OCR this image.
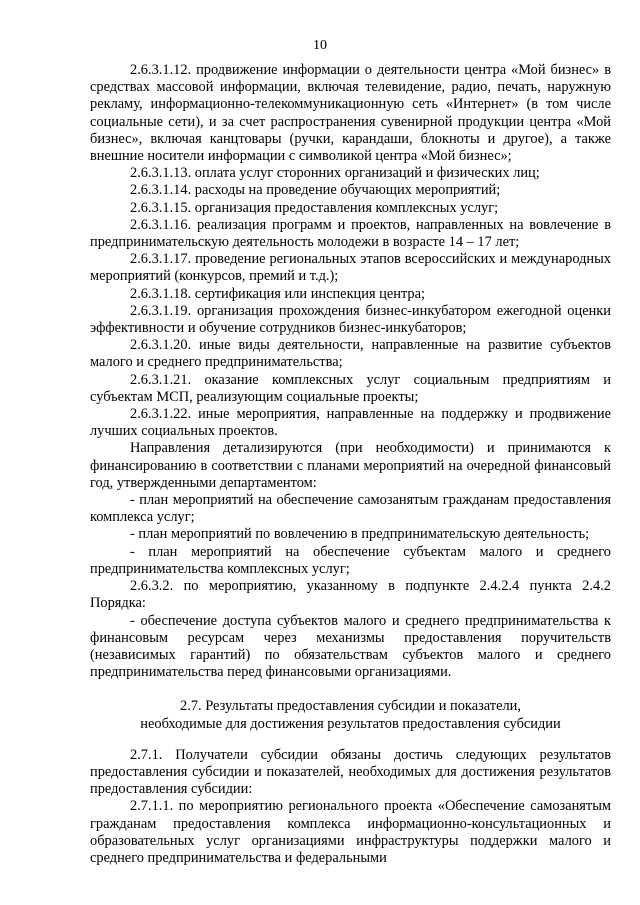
10

2.6.3.1.12. продвижение информации о деятельности центра «Мой бизнес» в средствах массовой информации, включая телевидение, радио, печать, наружную рекламу, информационно-телекоммуникационную сеть «Интернет» (в том числе социальные сети), и за счет распространения сувенирной продукции центра «Мой бизнес», включая канцтовары (ручки, карандаши, блокноты и другое), а также внешние носители информации с символикой центра «Мой бизнес»;

2.6.3.1.13. оплата услуг сторонних организаций и физических лиц;

2.6.3.1.14. расходы на проведение обучающих мероприятий;

2.6.3.1.15. организация предоставления комплексных услуг;

2.6.3.1.16. реализация программ и проектов, направленных на вовлечение в предпринимательскую деятельность молодежи в возрасте 14 – 17 лет;

2.6.3.1.17. проведение региональных этапов всероссийских и международных мероприятий (конкурсов, премий и т.д.);

2.6.3.1.18. сертификация или инспекция центра;

2.6.3.1.19. организация прохождения бизнес-инкубатором ежегодной оценки эффективности и обучение сотрудников бизнес-инкубаторов;

2.6.3.1.20. иные виды деятельности, направленные на развитие субъектов малого и среднего предпринимательства;

2.6.3.1.21. оказание комплексных услуг социальным предприятиям и субъектам МСП, реализующим социальные проекты;

2.6.3.1.22. иные мероприятия, направленные на поддержку и продвижение лучших социальных проектов.

Направления детализируются (при необходимости) и принимаются к финансированию в соответствии с планами мероприятий на очередной финансовый год, утвержденными департаментом:

- план мероприятий на обеспечение самозанятым гражданам предоставления комплекса услуг;

- план мероприятий по вовлечению в предпринимательскую деятельность;

- план мероприятий на обеспечение субъектам малого и среднего предпринимательства комплексных услуг;

2.6.3.2. по мероприятию, указанному в подпункте 2.4.2.4 пункта 2.4.2 Порядка:

- обеспечение доступа субъектов малого и среднего предпринимательства к финансовым ресурсам через механизмы предоставления поручительств (независимых гарантий) по обязательствам субъектов малого и среднего предпринимательства перед финансовыми организациями.

2.7. Результаты предоставления субсидии и показатели,

необходимые для достижения результатов предоставления субсидии

2.7.1. Получатели субсидии обязаны достичь следующих результатов предоставления субсидии и показателей, необходимых для достижения результатов предоставления субсидии:

2.7.1.1. по мероприятию регионального проекта «Обеспечение самозанятым гражданам предоставления комплекса информационно-консультационных и образовательных услуг организациями инфраструктуры поддержки малого и среднего предпринимательства и федеральными
